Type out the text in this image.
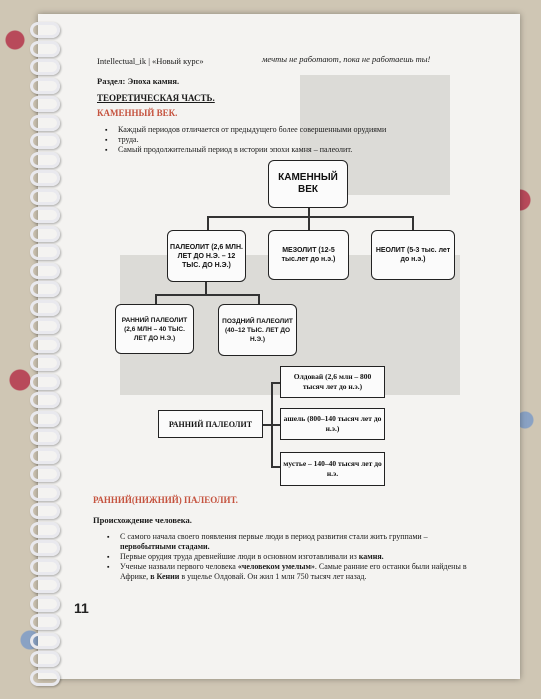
Intellectual_ik | «Новый курс»	мечты не работают, пока не работаешь ты!
Раздел: Эпоха камня.
ТЕОРЕТИЧЕСКАЯ ЧАСТЬ.
КАМЕННЫЙ ВЕК.
▪ Каждый периодов отличается от предыдущего более совершенными орудиями
▪ труда.
▪ Самый продолжительный период в истории эпохи камня – палеолит.
КАМЕННЫЙ ВЕК
ПАЛЕОЛИТ (2,6 МЛН. ЛЕТ ДО Н.Э. – 12 ТЫС. ДО Н.Э.)
МЕЗОЛИТ (12-5 тыс.лет до н.э.)
НЕОЛИТ (5-3 тыс. лет до н.э.)
РАННИЙ ПАЛЕОЛИТ (2,6 МЛН – 40 ТЫС. ЛЕТ ДО Н.Э.)
ПОЗДНИЙ ПАЛЕОЛИТ (40–12 ТЫС. ЛЕТ ДО Н.Э.)
РАННИЙ ПАЛЕОЛИТ
Олдовай (2,6 млн – 800 тысяч лет до н.э.)
ашель (800–140 тысяч лет до н.э.)
мустье – 140–40 тысяч лет до н.э.
РАННИЙ(НИЖНИЙ) ПАЛЕОЛИТ.
Происхождение человека.
▪ С самого начала своего появления первые люди в период развития стали жить группами – первобытными стадами.
▪ Первые орудия труда древнейшие люди в основном изготавливали из камня.
▪ Ученые назвали первого человека «человеком умелым». Самые ранние его останки были найдены в Африке, в Кении в ущелье Олдовай. Он жил 1 млн 750 тысяч лет назад.
11
